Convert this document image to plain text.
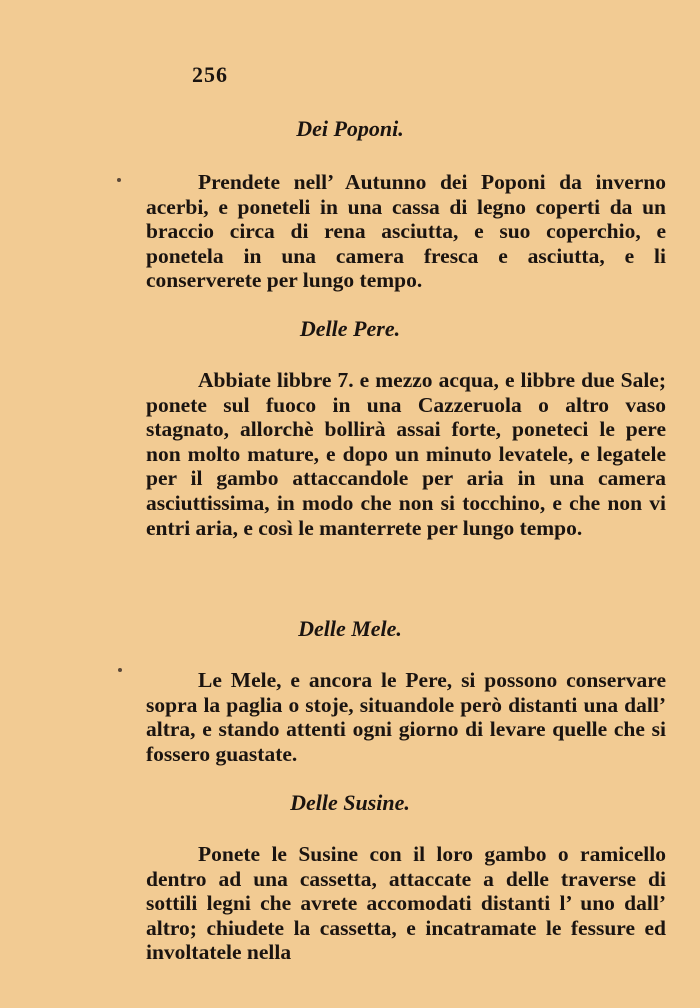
256
Dei Poponi.

Prendete nell’ Autunno dei Poponi da inverno acerbi, e poneteli in una cassa di legno coperti da un braccio circa di rena asciutta, e suo coperchio, e ponetela in una camera fresca e asciutta, e li conserverete per lungo tempo.

Delle Pere.

Abbiate libbre 7. e mezzo acqua, e libbre due Sale; ponete sul fuoco in una Cazzeruola o altro vaso stagnato, allorchè bollirà assai forte, poneteci le pere non molto mature, e dopo un minuto levatele, e legatele per il gambo attaccandole per aria in una camera asciuttissima, in modo che non si tocchino, e che non vi entri aria, e così le manterrete per lungo tempo.

Delle Mele.

Le Mele, e ancora le Pere, si possono conservare sopra la paglia o stoje, situandole però distanti una dall’ altra, e stando attenti ogni giorno di levare quelle che si fossero guastate.

Delle Susine.

Ponete le Susine con il loro gambo o ramicello dentro ad una cassetta, attaccate a delle traverse di sottili legni che avrete accomodati distanti l’ uno dall’ altro; chiudete la cassetta, e incatramate le fessure ed involtatele nella
